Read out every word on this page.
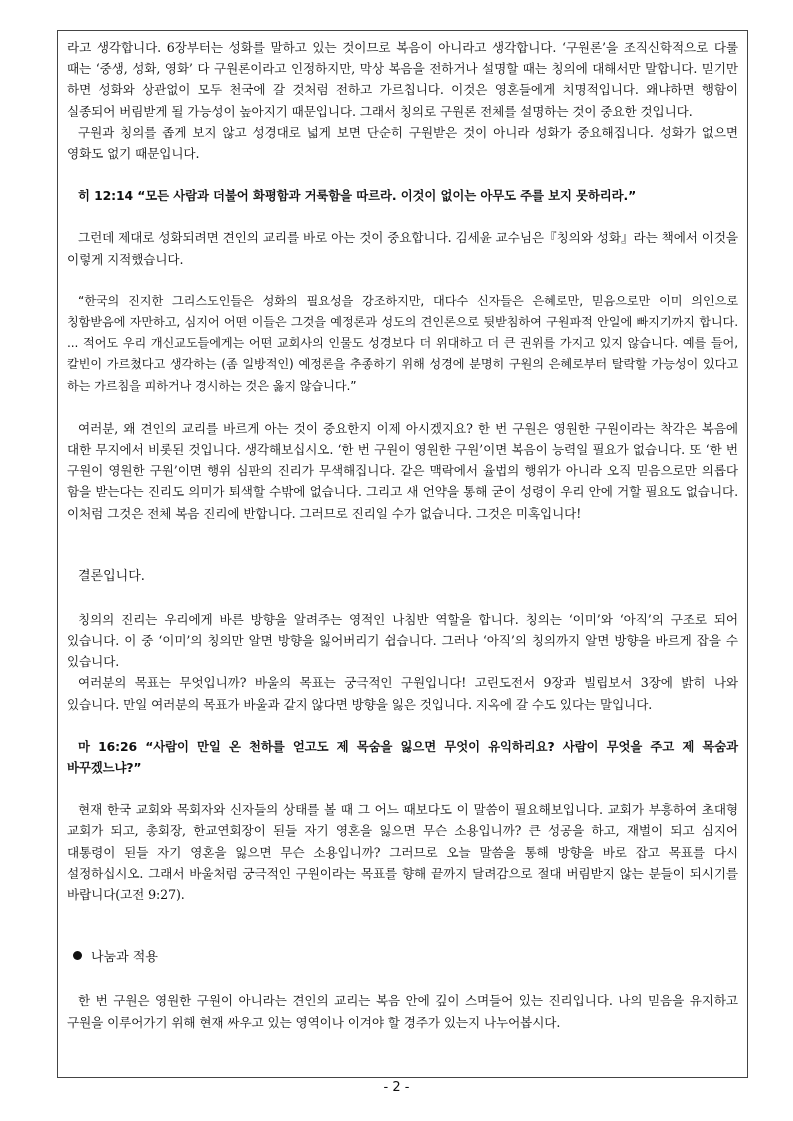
라고 생각합니다. 6장부터는 성화를 말하고 있는 것이므로 복음이 아니라고 생각합니다. ‘구원론’을 조직신학적으로 다룰 때는 ‘중생, 성화, 영화’ 다 구원론이라고 인정하지만, 막상 복음을 전하거나 설명할 때는 칭의에 대해서만 말합니다. 믿기만 하면 성화와 상관없이 모두 천국에 갈 것처럼 전하고 가르칩니다. 이것은 영혼들에게 치명적입니다. 왜냐하면 행함이 실종되어 버림받게 될 가능성이 높아지기 때문입니다. 그래서 칭의로 구원론 전체를 설명하는 것이 중요한 것입니다.

구원과 칭의를 좁게 보지 않고 성경대로 넓게 보면 단순히 구원받은 것이 아니라 성화가 중요해집니다. 성화가 없으면 영화도 없기 때문입니다.

히 12:14 “모든 사람과 더불어 화평함과 거룩함을 따르라. 이것이 없이는 아무도 주를 보지 못하리라.”

그런데 제대로 성화되려면 견인의 교리를 바로 아는 것이 중요합니다. 김세윤 교수님은『칭의와 성화』라는 책에서 이것을 이렇게 지적했습니다.

“한국의 진지한 그리스도인들은 성화의 필요성을 강조하지만, 대다수 신자들은 은혜로만, 믿음으로만 이미 의인으로 칭함받음에 자만하고, 심지어 어떤 이들은 그것을 예정론과 성도의 견인론으로 뒷받침하여 구원파적 안일에 빠지기까지 합니다. ... 적어도 우리 개신교도들에게는 어떤 교회사의 인물도 성경보다 더 위대하고 더 큰 권위를 가지고 있지 않습니다. 예를 들어, 칼빈이 가르쳤다고 생각하는 (좀 일방적인) 예정론을 추종하기 위해 성경에 분명히 구원의 은혜로부터 탈락할 가능성이 있다고 하는 가르침을 피하거나 경시하는 것은 옳지 않습니다.”

여러분, 왜 견인의 교리를 바르게 아는 것이 중요한지 이제 아시겠지요? 한 번 구원은 영원한 구원이라는 착각은 복음에 대한 무지에서 비롯된 것입니다. 생각해보십시오. ‘한 번 구원이 영원한 구원’이면 복음이 능력일 필요가 없습니다. 또 ‘한 번 구원이 영원한 구원’이면 행위 심판의 진리가 무색해집니다. 같은 맥락에서 율법의 행위가 아니라 오직 믿음으로만 의롭다 함을 받는다는 진리도 의미가 퇴색할 수밖에 없습니다. 그리고 새 언약을 통해 굳이 성령이 우리 안에 거할 필요도 없습니다. 이처럼 그것은 전체 복음 진리에 반합니다. 그러므로 진리일 수가 없습니다. 그것은 미혹입니다!

결론입니다.

칭의의 진리는 우리에게 바른 방향을 알려주는 영적인 나침반 역할을 합니다. 칭의는 ‘이미’와 ‘아직’의 구조로 되어 있습니다. 이 중 ‘이미’의 칭의만 알면 방향을 잃어버리기 쉽습니다. 그러나 ‘아직’의 칭의까지 알면 방향을 바르게 잡을 수 있습니다.

여러분의 목표는 무엇입니까? 바울의 목표는 궁극적인 구원입니다! 고린도전서 9장과 빌립보서 3장에 밝히 나와 있습니다. 만일 여러분의 목표가 바울과 같지 않다면 방향을 잃은 것입니다. 지옥에 갈 수도 있다는 말입니다.

마 16:26 “사람이 만일 온 천하를 얻고도 제 목숨을 잃으면 무엇이 유익하리요? 사람이 무엇을 주고 제 목숨과 바꾸겠느냐?”

현재 한국 교회와 목회자와 신자들의 상태를 볼 때 그 어느 때보다도 이 말씀이 필요해보입니다. 교회가 부흥하여 초대형 교회가 되고, 총회장, 한교연회장이 된들 자기 영혼을 잃으면 무슨 소용입니까? 큰 성공을 하고, 재벌이 되고 심지어 대통령이 된들 자기 영혼을 잃으면 무슨 소용입니까? 그러므로 오늘 말씀을 통해 방향을 바로 잡고 목표를 다시 설정하십시오. 그래서 바울처럼 궁극적인 구원이라는 목표를 향해 끝까지 달려감으로 절대 버림받지 않는 분들이 되시기를 바랍니다(고전 9:27).

나눔과 적용

한 번 구원은 영원한 구원이 아니라는 견인의 교리는 복음 안에 깊이 스며들어 있는 진리입니다. 나의 믿음을 유지하고 구원을 이루어가기 위해 현재 싸우고 있는 영역이나 이겨야 할 경주가 있는지 나누어봅시다.

- 2 -
